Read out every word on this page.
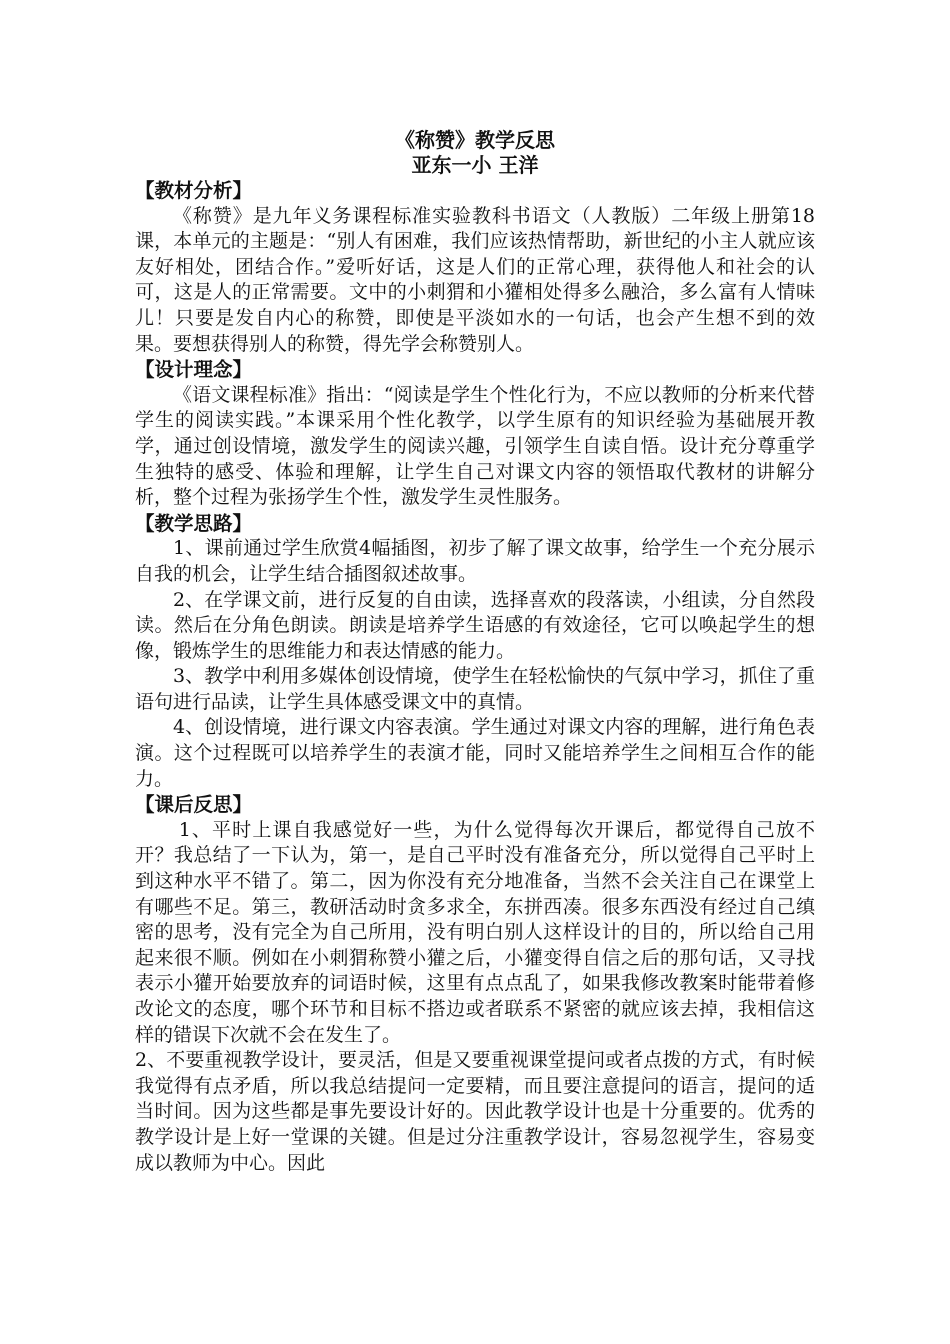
《称赞》教学反思

亚东一小 王洋

【教材分析】

《称赞》是九年义务课程标准实验教科书语文（人教版）二年级上册第18课，本单元的主题是：“别人有困难，我们应该热情帮助，新世纪的小主人就应该友好相处，团结合作。”爱听好话，这是人们的正常心理，获得他人和社会的认可，这是人的正常需要。文中的小刺猬和小獾相处得多么融洽，多么富有人情味儿！只要是发自内心的称赞，即使是平淡如水的一句话，也会产生想不到的效果。要想获得别人的称赞，得先学会称赞别人。

【设计理念】

《语文课程标准》指出：“阅读是学生个性化行为，不应以教师的分析来代替学生的阅读实践。”本课采用个性化教学，以学生原有的知识经验为基础展开教学，通过创设情境，激发学生的阅读兴趣，引领学生自读自悟。设计充分尊重学生独特的感受、体验和理解，让学生自己对课文内容的领悟取代教材的讲解分析，整个过程为张扬学生个性，激发学生灵性服务。

【教学思路】

1、课前通过学生欣赏4幅插图，初步了解了课文故事，给学生一个充分展示自我的机会，让学生结合插图叙述故事。

2、在学课文前，进行反复的自由读，选择喜欢的段落读，小组读，分自然段读。然后在分角色朗读。朗读是培养学生语感的有效途径，它可以唤起学生的想像，锻炼学生的思维能力和表达情感的能力。

3、教学中利用多媒体创设情境，使学生在轻松愉快的气氛中学习，抓住了重语句进行品读，让学生具体感受课文中的真情。

4、创设情境，进行课文内容表演。学生通过对课文内容的理解，进行角色表演。这个过程既可以培养学生的表演才能，同时又能培养学生之间相互合作的能力。

【课后反思】

1、平时上课自我感觉好一些，为什么觉得每次开课后，都觉得自己放不开？我总结了一下认为，第一，是自己平时没有准备充分，所以觉得自己平时上到这种水平不错了。第二，因为你没有充分地准备，当然不会关注自己在课堂上有哪些不足。第三，教研活动时贪多求全，东拼西凑。很多东西没有经过自己缜密的思考，没有完全为自己所用，没有明白别人这样设计的目的，所以给自己用起来很不顺。例如在小刺猬称赞小獾之后，小獾变得自信之后的那句话，又寻找表示小獾开始要放弃的词语时候，这里有点点乱了，如果我修改教案时能带着修改论文的态度，哪个环节和目标不搭边或者联系不紧密的就应该去掉，我相信这样的错误下次就不会在发生了。

2、不要重视教学设计，要灵活，但是又要重视课堂提问或者点拨的方式，有时候我觉得有点矛盾，所以我总结提问一定要精，而且要注意提问的语言，提问的适当时间。因为这些都是事先要设计好的。因此教学设计也是十分重要的。优秀的教学设计是上好一堂课的关键。但是过分注重教学设计，容易忽视学生，容易变成以教师为中心。因此
